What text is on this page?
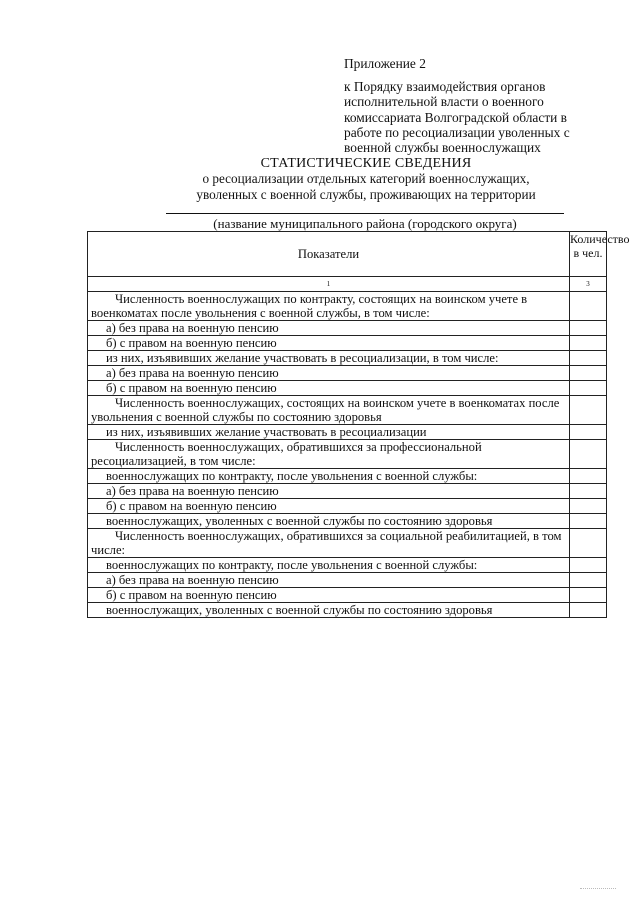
Приложение 2
к Порядку взаимодействия органов исполнительной власти о военного комиссариата Волгоградской области в работе по ресоциализации уволенных с военной службы военнослужащих
СТАТИСТИЧЕСКИЕ СВЕДЕНИЯ
о ресоциализации отдельных категорий военнослужащих,
уволенных с военной службы, проживающих на территории
(название муниципального района (городского округа)
Показатели	Количество в чел.
1	3
Численность военнослужащих по контракту, состоящих на воинском учете в военкоматах после увольнения с военной службы, в том числе:	
а) без права на военную пенсию	
б) с правом на военную пенсию	
из них, изъявивших желание участвовать в ресоциализации, в том числе:	
а) без права на военную пенсию	
б) с правом на военную пенсию	
Численность военнослужащих, состоящих на воинском учете в военкоматах после увольнения с военной службы по состоянию здоровья	
из них, изъявивших желание участвовать в ресоциализации	
Численность военнослужащих, обратившихся за профессиональной ресоциализацией, в том числе:	
военнослужащих по контракту, после увольнения с военной службы:	
а) без права на военную пенсию	
б) с правом на военную пенсию	
военнослужащих, уволенных с военной службы по состоянию здоровья	
Численность военнослужащих, обратившихся за социальной реабилитацией, в том числе:	
военнослужащих по контракту, после увольнения с военной службы:	
а) без права на военную пенсию	
б) с правом на военную пенсию	
военнослужащих, уволенных с военной службы по состоянию здоровья	
